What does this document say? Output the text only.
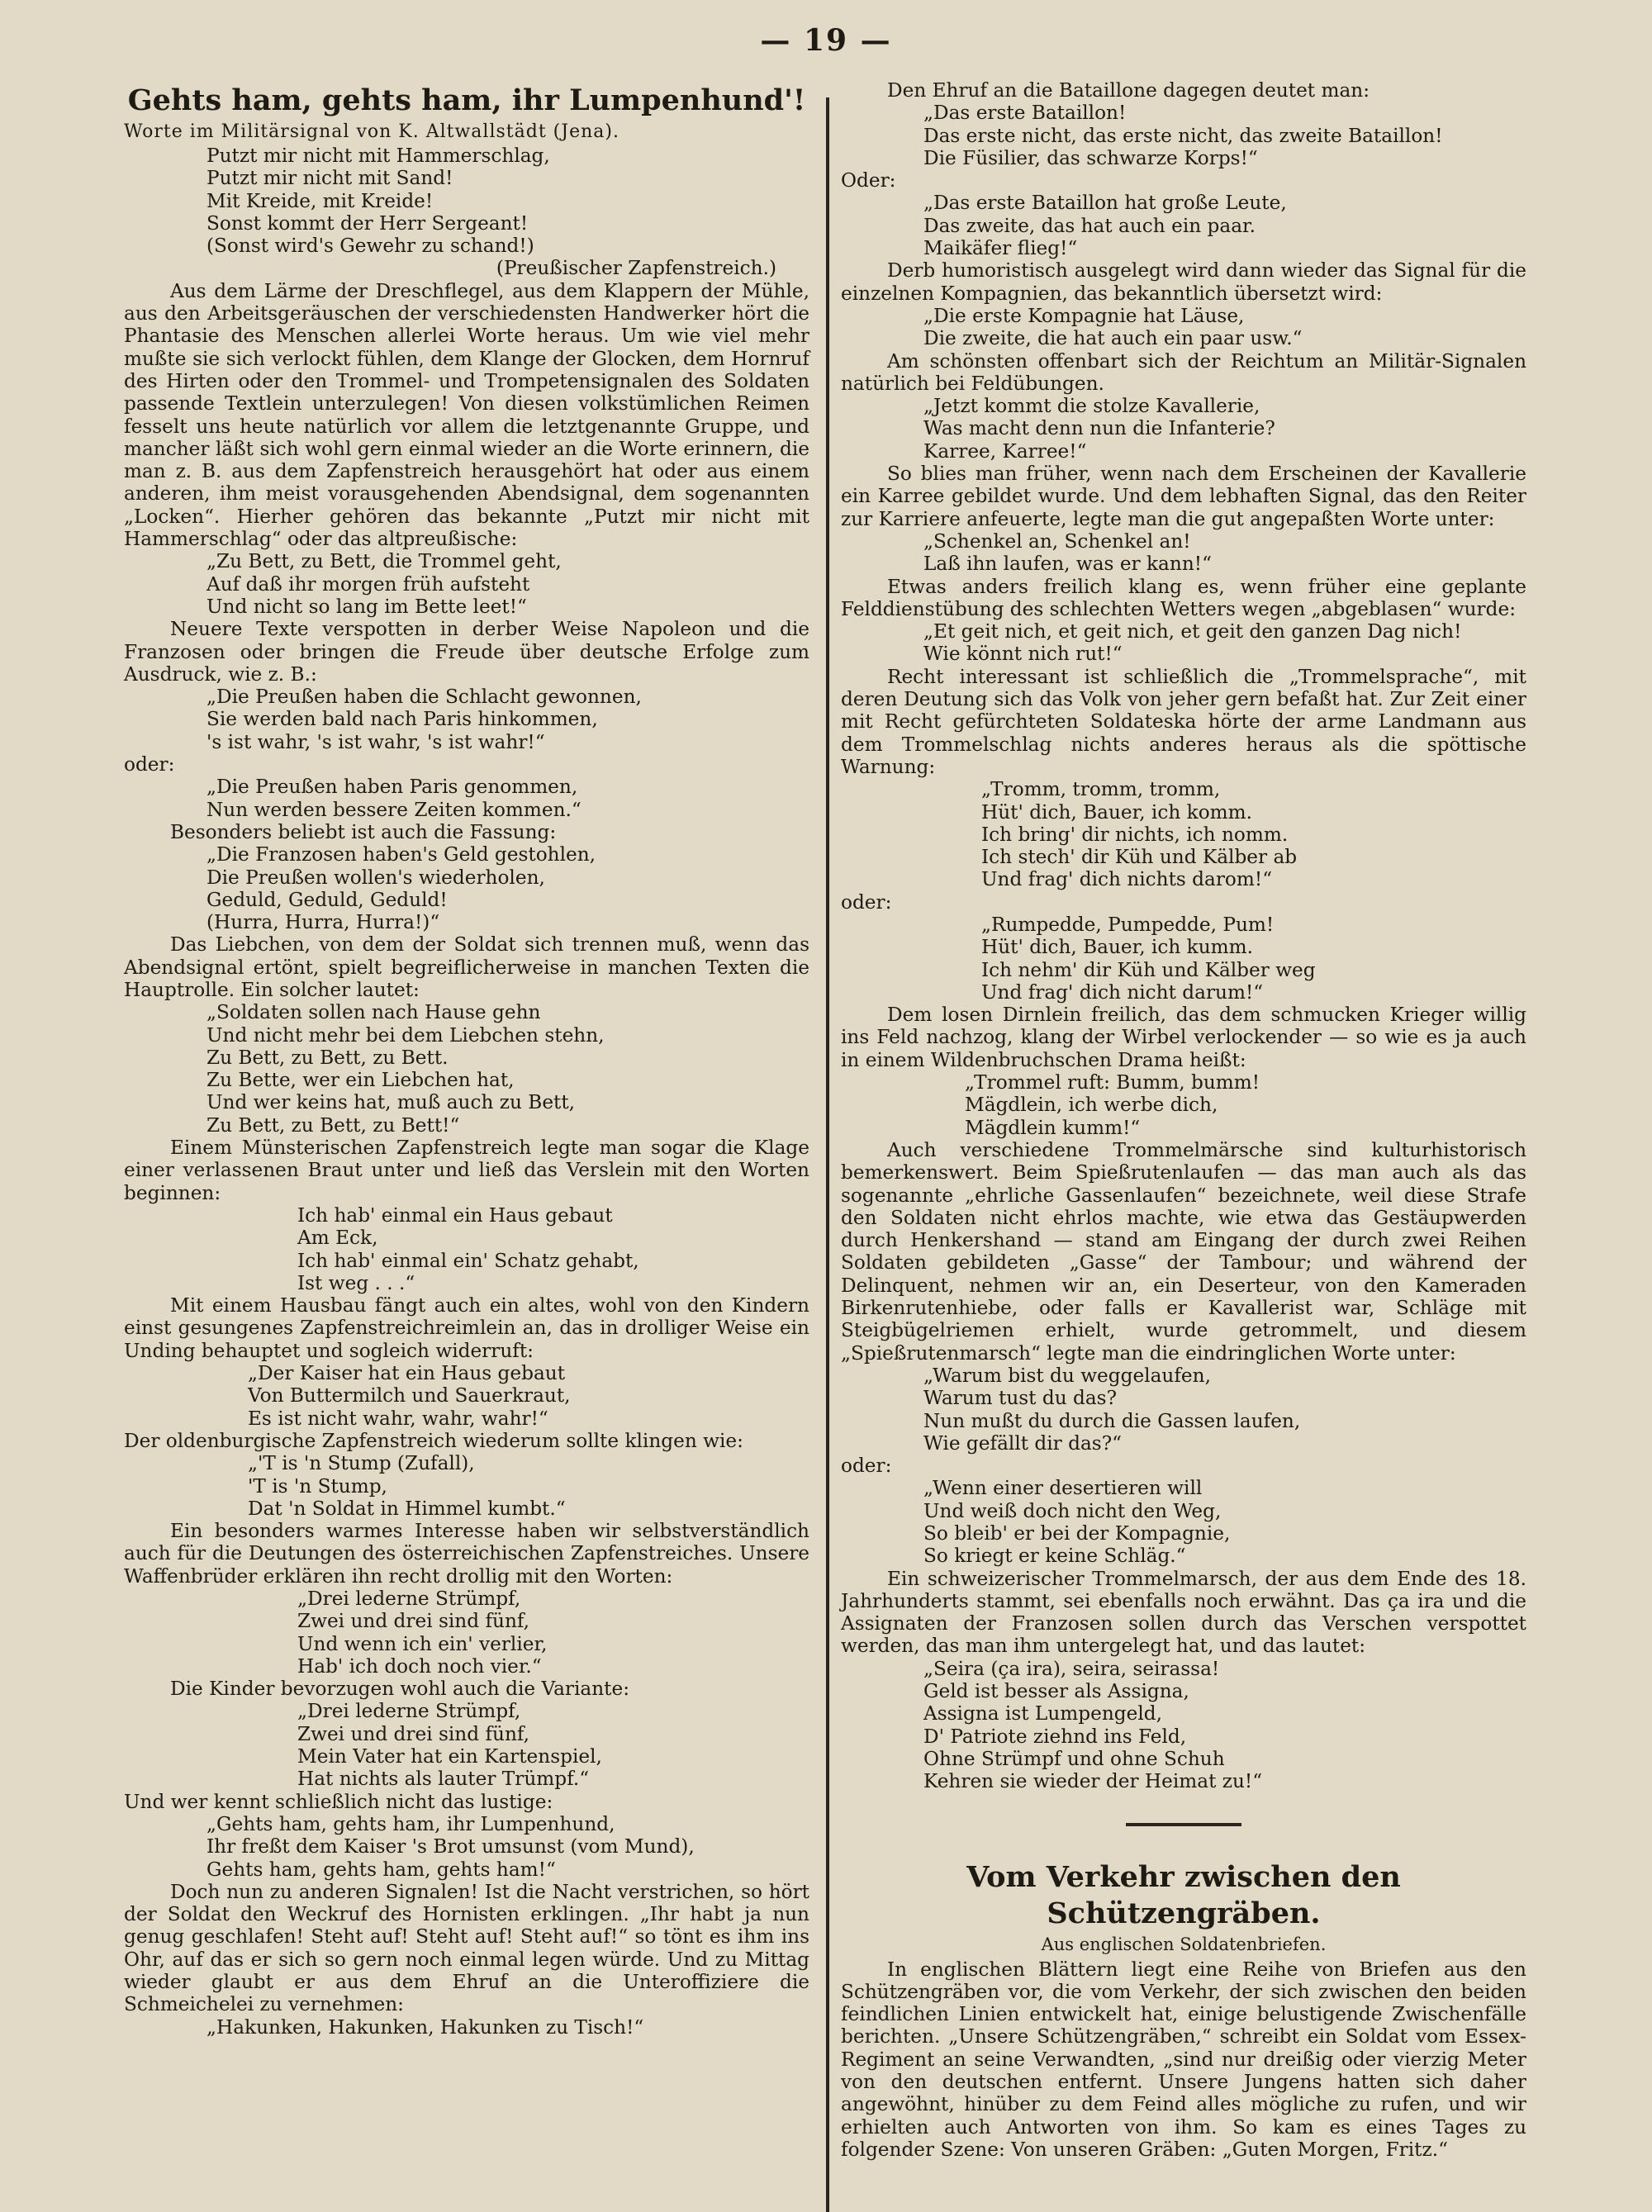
— 19 —
Gehts ham, gehts ham, ihr Lumpenhund'!
Worte im Militärsignal von K. Altwallstädt (Jena).
Putzt mir nicht mit Hammerschlag,
Putzt mir nicht mit Sand!
Mit Kreide, mit Kreide!
Sonst kommt der Herr Sergeant!
(Sonst wird's Gewehr zu schand!)
(Preußischer Zapfenstreich.)

Aus dem Lärme der Dreschflegel, aus dem Klappern der Mühle, aus den Arbeitsgeräuschen der verschiedensten Handwerker hört die Phantasie des Menschen allerlei Worte heraus. Um wie viel mehr mußte sie sich verlockt fühlen, dem Klange der Glocken, dem Hornruf des Hirten oder den Trommel- und Trompetensignalen des Soldaten passende Textlein unterzulegen! Von diesen volkstümlichen Reimen fesselt uns heute natürlich vor allem die letztgenannte Gruppe, und mancher läßt sich wohl gern einmal wieder an die Worte erinnern, die man z. B. aus dem Zapfenstreich herausgehört hat oder aus einem anderen, ihm meist vorausgehenden Abendsignal, dem sogenannten „Locken“. Hierher gehören das bekannte „Putzt mir nicht mit Hammerschlag“ oder das altpreußische:

„Zu Bett, zu Bett, die Trommel geht,
Auf daß ihr morgen früh aufsteht
Und nicht so lang im Bette leet!“

Neuere Texte verspotten in derber Weise Napoleon und die Franzosen oder bringen die Freude über deutsche Erfolge zum Ausdruck, wie z. B.:

„Die Preußen haben die Schlacht gewonnen,
Sie werden bald nach Paris hinkommen,
's ist wahr, 's ist wahr, 's ist wahr!“
oder:
„Die Preußen haben Paris genommen,
Nun werden bessere Zeiten kommen.“

Besonders beliebt ist auch die Fassung:

„Die Franzosen haben's Geld gestohlen,
Die Preußen wollen's wiederholen,
Geduld, Geduld, Geduld!
(Hurra, Hurra, Hurra!)“

Das Liebchen, von dem der Soldat sich trennen muß, wenn das Abendsignal ertönt, spielt begreiflicherweise in manchen Texten die Hauptrolle. Ein solcher lautet:

„Soldaten sollen nach Hause gehn
Und nicht mehr bei dem Liebchen stehn,
Zu Bett, zu Bett, zu Bett.
Zu Bette, wer ein Liebchen hat,
Und wer keins hat, muß auch zu Bett,
Zu Bett, zu Bett, zu Bett!“

Einem Münsterischen Zapfenstreich legte man sogar die Klage einer verlassenen Braut unter und ließ das Verslein mit den Worten beginnen:

Ich hab' einmal ein Haus gebaut
Am Eck,
Ich hab' einmal ein' Schatz gehabt,
Ist weg . . .“

Mit einem Hausbau fängt auch ein altes, wohl von den Kindern einst gesungenes Zapfenstreichreimlein an, das in drolliger Weise ein Unding behauptet und sogleich widerruft:

„Der Kaiser hat ein Haus gebaut
Von Buttermilch und Sauerkraut,
Es ist nicht wahr, wahr, wahr!“

Der oldenburgische Zapfenstreich wiederum sollte klingen wie:

„'T is 'n Stump (Zufall),
'T is 'n Stump,
Dat 'n Soldat in Himmel kumbt.“

Ein besonders warmes Interesse haben wir selbstverständlich auch für die Deutungen des österreichischen Zapfenstreiches. Unsere Waffenbrüder erklären ihn recht drollig mit den Worten:

„Drei lederne Strümpf,
Zwei und drei sind fünf,
Und wenn ich ein' verlier,
Hab' ich doch noch vier.“

Die Kinder bevorzugen wohl auch die Variante:

„Drei lederne Strümpf,
Zwei und drei sind fünf,
Mein Vater hat ein Kartenspiel,
Hat nichts als lauter Trümpf.“

Und wer kennt schließlich nicht das lustige:

„Gehts ham, gehts ham, ihr Lumpenhund,
Ihr freßt dem Kaiser 's Brot umsunst (vom Mund),
Gehts ham, gehts ham, gehts ham!“

Doch nun zu anderen Signalen! Ist die Nacht verstrichen, so hört der Soldat den Weckruf des Hornisten erklingen. „Ihr habt ja nun genug geschlafen! Steht auf! Steht auf! Steht auf!“ so tönt es ihm ins Ohr, auf das er sich so gern noch einmal legen würde. Und zu Mittag wieder glaubt er aus dem Ehruf an die Unteroffiziere die Schmeichelei zu vernehmen:

„Hakunken, Hakunken, Hakunken zu Tisch!“

Den Ehruf an die Bataillone dagegen deutet man:

„Das erste Bataillon!
Das erste nicht, das erste nicht, das zweite Bataillon!
Die Füsilier, das schwarze Korps!“
Oder:
„Das erste Bataillon hat große Leute,
Das zweite, das hat auch ein paar.
Maikäfer flieg!“

Derb humoristisch ausgelegt wird dann wieder das Signal für die einzelnen Kompagnien, das bekanntlich übersetzt wird:

„Die erste Kompagnie hat Läuse,
Die zweite, die hat auch ein paar usw.“

Am schönsten offenbart sich der Reichtum an Militär-Signalen natürlich bei Feldübungen.

„Jetzt kommt die stolze Kavallerie,
Was macht denn nun die Infanterie?
Karree, Karree!“

So blies man früher, wenn nach dem Erscheinen der Kavallerie ein Karree gebildet wurde. Und dem lebhaften Signal, das den Reiter zur Karriere anfeuerte, legte man die gut angepaßten Worte unter:

„Schenkel an, Schenkel an!
Laß ihn laufen, was er kann!“

Etwas anders freilich klang es, wenn früher eine geplante Felddienstübung des schlechten Wetters wegen „abgeblasen“ wurde:

„Et geit nich, et geit nich, et geit den ganzen Dag nich!
Wie könnt nich rut!“

Recht interessant ist schließlich die „Trommelsprache“, mit deren Deutung sich das Volk von jeher gern befaßt hat. Zur Zeit einer mit Recht gefürchteten Soldateska hörte der arme Landmann aus dem Trommelschlag nichts anderes heraus als die spöttische Warnung:

„Tromm, tromm, tromm,
Hüt' dich, Bauer, ich komm.
Ich bring' dir nichts, ich nomm.
Ich stech' dir Küh und Kälber ab
Und frag' dich nichts darom!“
oder:
„Rumpedde, Pumpedde, Pum!
Hüt' dich, Bauer, ich kumm.
Ich nehm' dir Küh und Kälber weg
Und frag' dich nicht darum!“

Dem losen Dirnlein freilich, das dem schmucken Krieger willig ins Feld nachzog, klang der Wirbel verlockender — so wie es ja auch in einem Wildenbruchschen Drama heißt:

„Trommel ruft: Bumm, bumm!
Mägdlein, ich werbe dich,
Mägdlein kumm!“

Auch verschiedene Trommelmärsche sind kulturhistorisch bemerkenswert. Beim Spießrutenlaufen — das man auch als das sogenannte „ehrliche Gassenlaufen“ bezeichnete, weil diese Strafe den Soldaten nicht ehrlos machte, wie etwa das Gestäupwerden durch Henkershand — stand am Eingang der durch zwei Reihen Soldaten gebildeten „Gasse“ der Tambour; und während der Delinquent, nehmen wir an, ein Deserteur, von den Kameraden Birkenrutenhiebe, oder falls er Kavallerist war, Schläge mit Steigbügelriemen erhielt, wurde getrommelt, und diesem „Spießrutenmarsch“ legte man die eindringlichen Worte unter:

„Warum bist du weggelaufen,
Warum tust du das?
Nun mußt du durch die Gassen laufen,
Wie gefällt dir das?“
oder:
„Wenn einer desertieren will
Und weiß doch nicht den Weg,
So bleib' er bei der Kompagnie,
So kriegt er keine Schläg.“

Ein schweizerischer Trommelmarsch, der aus dem Ende des 18. Jahrhunderts stammt, sei ebenfalls noch erwähnt. Das ça ira und die Assignaten der Franzosen sollen durch das Verschen verspottet werden, das man ihm untergelegt hat, und das lautet:

„Seira (ça ira), seira, seirassa!
Geld ist besser als Assigna,
Assigna ist Lumpengeld,
D' Patriote ziehnd ins Feld,
Ohne Strümpf und ohne Schuh
Kehren sie wieder der Heimat zu!“
Vom Verkehr zwischen den Schützengräben.
Aus englischen Soldatenbriefen.

In englischen Blättern liegt eine Reihe von Briefen aus den Schützengräben vor, die vom Verkehr, der sich zwischen den beiden feindlichen Linien entwickelt hat, einige belustigende Zwischenfälle berichten. „Unsere Schützengräben,“ schreibt ein Soldat vom Essex-Regiment an seine Verwandten, „sind nur dreißig oder vierzig Meter von den deutschen entfernt. Unsere Jungens hatten sich daher angewöhnt, hinüber zu dem Feind alles mögliche zu rufen, und wir erhielten auch Antworten von ihm. So kam es eines Tages zu folgender Szene: Von unseren Gräben: „Guten Morgen, Fritz.“
